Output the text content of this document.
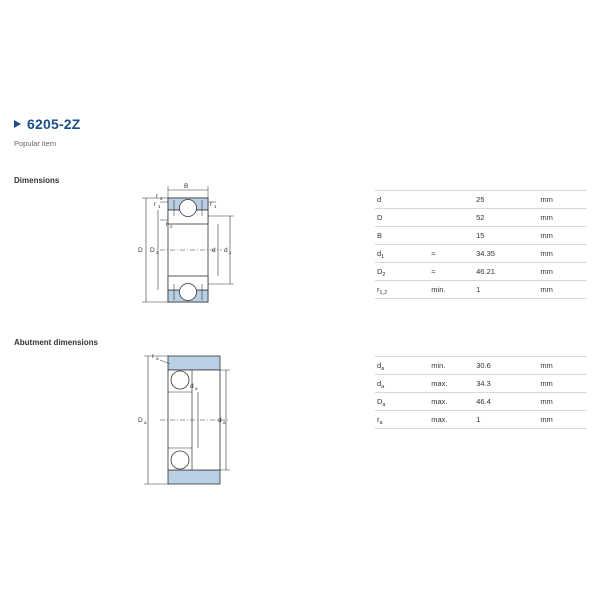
6205-2Z
Popular item
Dimensions
Abutment dimensions
B
r 2
r 1
r 1
r 2
D D 2	d d 1
r a
d a
D a	d a
d		25	mm
D		52	mm
B		15	mm
$d_1$	≈	34.35	mm
$D_2$	≈	46.21	mm
$r_{1,2}$	min.	1	mm
$d_a$	min.	30.6	mm
$d_a$	max.	34.3	mm
$D_a$	max.	46.4	mm
$r_a$	max.	1	mm
